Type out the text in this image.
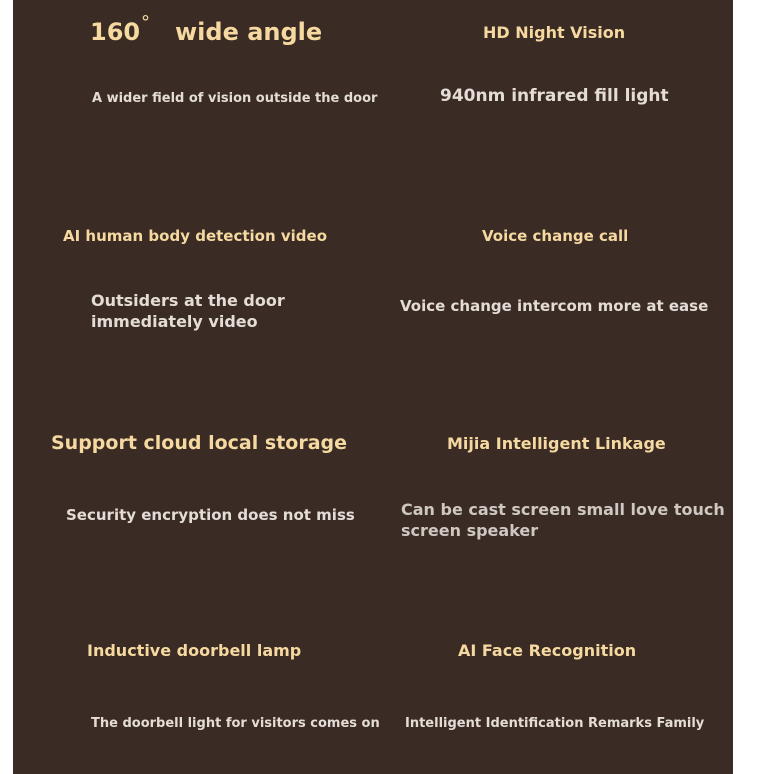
160 ° wide angle
A wider field of vision outside the door
HD Night Vision
940nm infrared fill light
AI human body detection video
Outsiders at the door
immediately video
Voice change call
Voice change intercom more at ease
Support cloud local storage
Security encryption does not miss
Mijia Intelligent Linkage
Can be cast screen small love touch
screen speaker
Inductive doorbell lamp
The doorbell light for visitors comes on
AI Face Recognition
Intelligent Identification Remarks Family
